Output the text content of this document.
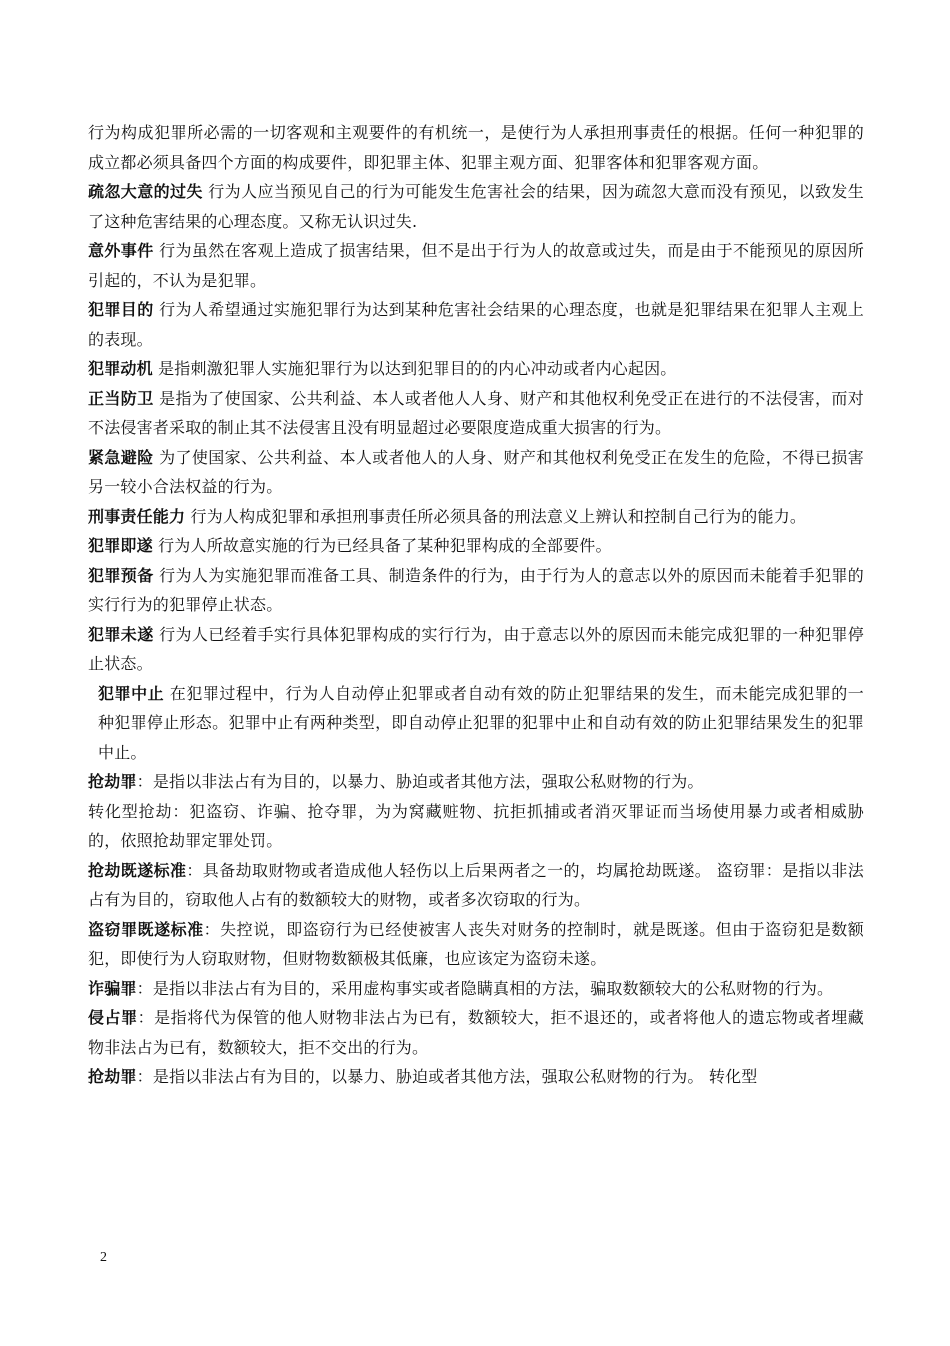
行为构成犯罪所必需的一切客观和主观要件的有机统一，是使行为人承担刑事责任的根据。任何一种犯罪的成立都必须具备四个方面的构成要件，即犯罪主体、犯罪主观方面、犯罪客体和犯罪客观方面。

疏忽大意的过失 行为人应当预见自己的行为可能发生危害社会的结果，因为疏忽大意而没有预见，以致发生了这种危害结果的心理态度。又称无认识过失.

意外事件 行为虽然在客观上造成了损害结果，但不是出于行为人的故意或过失，而是由于不能预见的原因所引起的，不认为是犯罪。

犯罪目的 行为人希望通过实施犯罪行为达到某种危害社会结果的心理态度，也就是犯罪结果在犯罪人主观上的表现。

犯罪动机 是指刺激犯罪人实施犯罪行为以达到犯罪目的的内心冲动或者内心起因。

正当防卫 是指为了使国家、公共利益、本人或者他人人身、财产和其他权利免受正在进行的不法侵害，而对不法侵害者采取的制止其不法侵害且没有明显超过必要限度造成重大损害的行为。

紧急避险 为了使国家、公共利益、本人或者他人的人身、财产和其他权利免受正在发生的危险，不得已损害另一较小合法权益的行为。

刑事责任能力 行为人构成犯罪和承担刑事责任所必须具备的刑法意义上辨认和控制自己行为的能力。

犯罪即遂 行为人所故意实施的行为已经具备了某种犯罪构成的全部要件。

犯罪预备 行为人为实施犯罪而准备工具、制造条件的行为，由于行为人的意志以外的原因而未能着手犯罪的实行行为的犯罪停止状态。

犯罪未遂 行为人已经着手实行具体犯罪构成的实行行为，由于意志以外的原因而未能完成犯罪的一种犯罪停止状态。

犯罪中止 在犯罪过程中，行为人自动停止犯罪或者自动有效的防止犯罪结果的发生，而未能完成犯罪的一种犯罪停止形态。犯罪中止有两种类型，即自动停止犯罪的犯罪中止和自动有效的防止犯罪结果发生的犯罪中止。

抢劫罪：是指以非法占有为目的，以暴力、胁迫或者其他方法，强取公私财物的行为。

转化型抢劫：犯盗窃、诈骗、抢夺罪，为为窝藏赃物、抗拒抓捕或者消灭罪证而当场使用暴力或者相威胁的，依照抢劫罪定罪处罚。

抢劫既遂标准：具备劫取财物或者造成他人轻伤以上后果两者之一的，均属抢劫既遂。 盗窃罪：是指以非法占有为目的，窃取他人占有的数额较大的财物，或者多次窃取的行为。

盗窃罪既遂标准：失控说，即盗窃行为已经使被害人丧失对财务的控制时，就是既遂。但由于盗窃犯是数额犯，即使行为人窃取财物，但财物数额极其低廉，也应该定为盗窃未遂。

诈骗罪：是指以非法占有为目的，采用虚构事实或者隐瞒真相的方法，骗取数额较大的公私财物的行为。

侵占罪：是指将代为保管的他人财物非法占为已有，数额较大，拒不退还的，或者将他人的遗忘物或者埋藏物非法占为已有，数额较大，拒不交出的行为。

抢劫罪：是指以非法占有为目的，以暴力、胁迫或者其他方法，强取公私财物的行为。 转化型

2
